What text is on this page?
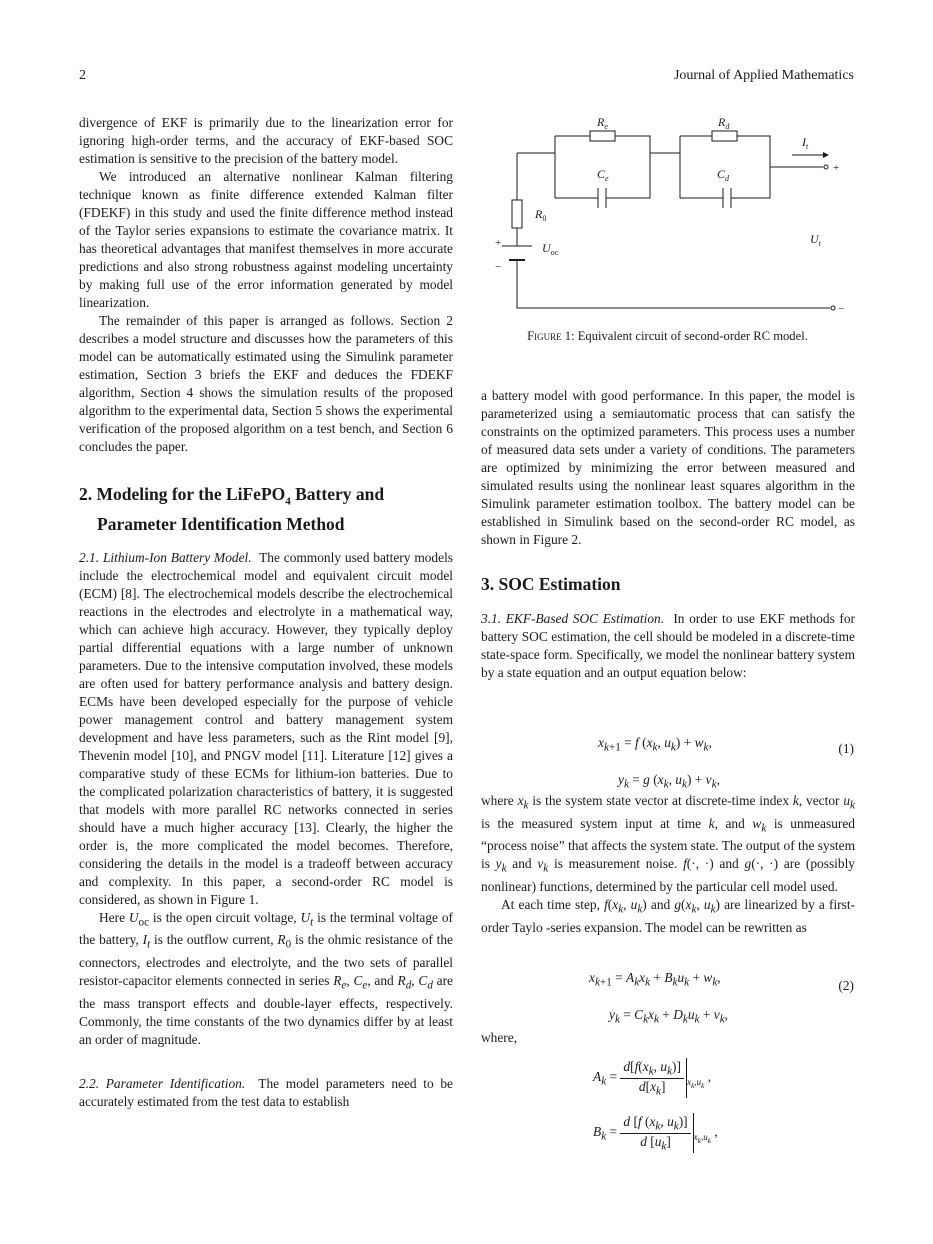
2	Journal of Applied Mathematics

divergence of EKF is primarily due to the linearization error for ignoring high-order terms, and the accuracy of EKF-based SOC estimation is sensitive to the precision of the battery model.

We introduced an alternative nonlinear Kalman filtering technique known as finite difference extended Kalman filter (FDEKF) in this study and used the finite difference method instead of the Taylor series expansions to estimate the covariance matrix. It has theoretical advantages that manifest themselves in more accurate predictions and also strong robustness against modeling uncertainty by making full use of the error information generated by model linearization.

The remainder of this paper is arranged as follows. Section 2 describes a model structure and discusses how the parameters of this model can be automatically estimated using the Simulink parameter estimation, Section 3 briefs the EKF and deduces the FDEKF algorithm, Section 4 shows the simulation results of the proposed algorithm to the experimental data, Section 5 shows the experimental verification of the proposed algorithm on a test bench, and Section 6 concludes the paper.

2. Modeling for the LiFePO$_4$ Battery and
Parameter Identification Method

2.1. Lithium-Ion Battery Model. The commonly used battery models include the electrochemical model and equivalent circuit model (ECM) [8]. The electrochemical models describe the electrochemical reactions in the electrodes and electrolyte in a mathematical way, which can achieve high accuracy. However, they typically deploy partial differential equations with a large number of unknown parameters. Due to the intensive computation involved, these models are often used for battery performance analysis and battery design. ECMs have been developed especially for the purpose of vehicle power management control and battery management system development and have less parameters, such as the Rint model [9], Thevenin model [10], and PNGV model [11]. Literature [12] gives a comparative study of these ECMs for lithium-ion batteries. Due to the complicated polarization characteristics of battery, it is suggested that models with more parallel RC networks connected in series should have a much higher accuracy [13]. Clearly, the higher the order is, the more complicated the model becomes. Therefore, considering the details in the model is a tradeoff between accuracy and complexity. In this paper, a second-order RC model is considered, as shown in Figure 1.

Here $U_{oc}$ is the open circuit voltage, $U_t$ is the terminal voltage of the battery, $I_t$ is the outflow current, $R_0$ is the ohmic resistance of the connectors, electrodes and electrolyte, and the two sets of parallel resistor-capacitor elements connected in series $R_e$, $C_e$, and $R_d$, $C_d$ are the mass transport effects and double-layer effects, respectively. Commonly, the time constants of the two dynamics differ by at least an order of magnitude.

2.2. Parameter Identification. The model parameters need to be accurately estimated from the test data to establish

$R_e$	$R_d$
$C_e$	$C_d$
$R_0$
$U_{oc}$
$I_t$
$U_t$
+
−
+
−
Figure 1: Equivalent circuit of second-order RC model.

a battery model with good performance. In this paper, the model is parameterized using a semiautomatic process that can satisfy the constraints on the optimized parameters. This process uses a number of measured data sets under a variety of conditions. The parameters are optimized by minimizing the error between measured and simulated results using the nonlinear least squares algorithm in the Simulink parameter estimation toolbox. The battery model can be established in Simulink based on the second-order RC model, as shown in Figure 2.

3. SOC Estimation

3.1. EKF-Based SOC Estimation. In order to use EKF methods for battery SOC estimation, the cell should be modeled in a discrete-time state-space form. Specifically, we model the nonlinear battery system by a state equation and an output equation below:

$x_{k+1} = f$ ($x_k$, $u_k) + w_k$,
$y_k = g$ ($x_k$, $u_k) + v_k$,
(1)

where $x_k$ is the system state vector at discrete-time index k, vector $u_k$ is the measured system input at time k, and $w_k$ is unmeasured “process noise” that affects the system state. The output of the system is $y_k$ and $v_k$ is measurement noise. f(·, ·) and g(·, ·) are (possibly nonlinear) functions, determined by the particular cell model used.

At each time step, $f(x_k$, $u_k$) and $g(x_k$, $u_k$) are linearized by a first-order Taylo -series expansion. The model can be rewritten as

$x_{k+1} = A_kx_k + B_ku_k + w_k$,
$y_k = C_kx_k + D_ku_k + v_k$,
(2)

where,

$A_k = \frac{d[f(x_k, u_k)]}{d[x_k]} _{x_k,u_k}$ ,
$B_k = \frac{d [f (x_k, u_k)]}{d [u_k]} _{x_k,u_k}$ ,
